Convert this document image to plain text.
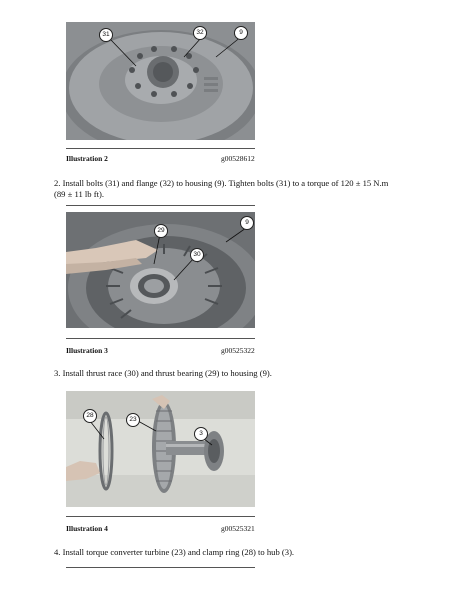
31	32	9
Illustration 2	g00528612
2. Install bolts (31) and flange (32) to housing (9). Tighten bolts (31) to a torque of 120 ± 15 N.m (89 ± 11 lb ft).
29
30
9
Illustration 3	g00525322
3. Install thrust race (30) and thrust bearing (29) to housing (9).
28
23
3
Illustration 4	g00525321
4. Install torque converter turbine (23) and clamp ring (28) to hub (3).
